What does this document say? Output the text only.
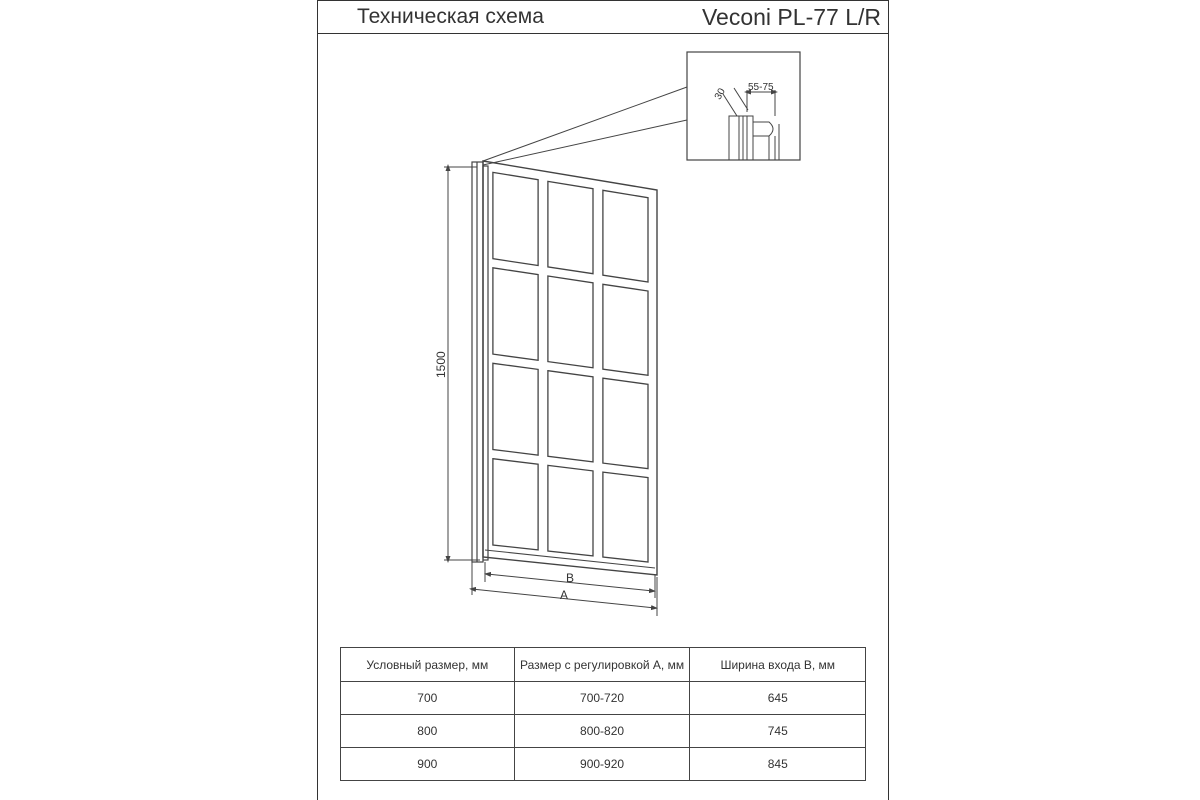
Техническая схема	Veconi PL-77 L/R
30 55-75
1500
B
A
Условный размер, мм	Размер с регулировкой А, мм	Ширина входа B, мм
700	700-720	645
800	800-820	745
900	900-920	845
